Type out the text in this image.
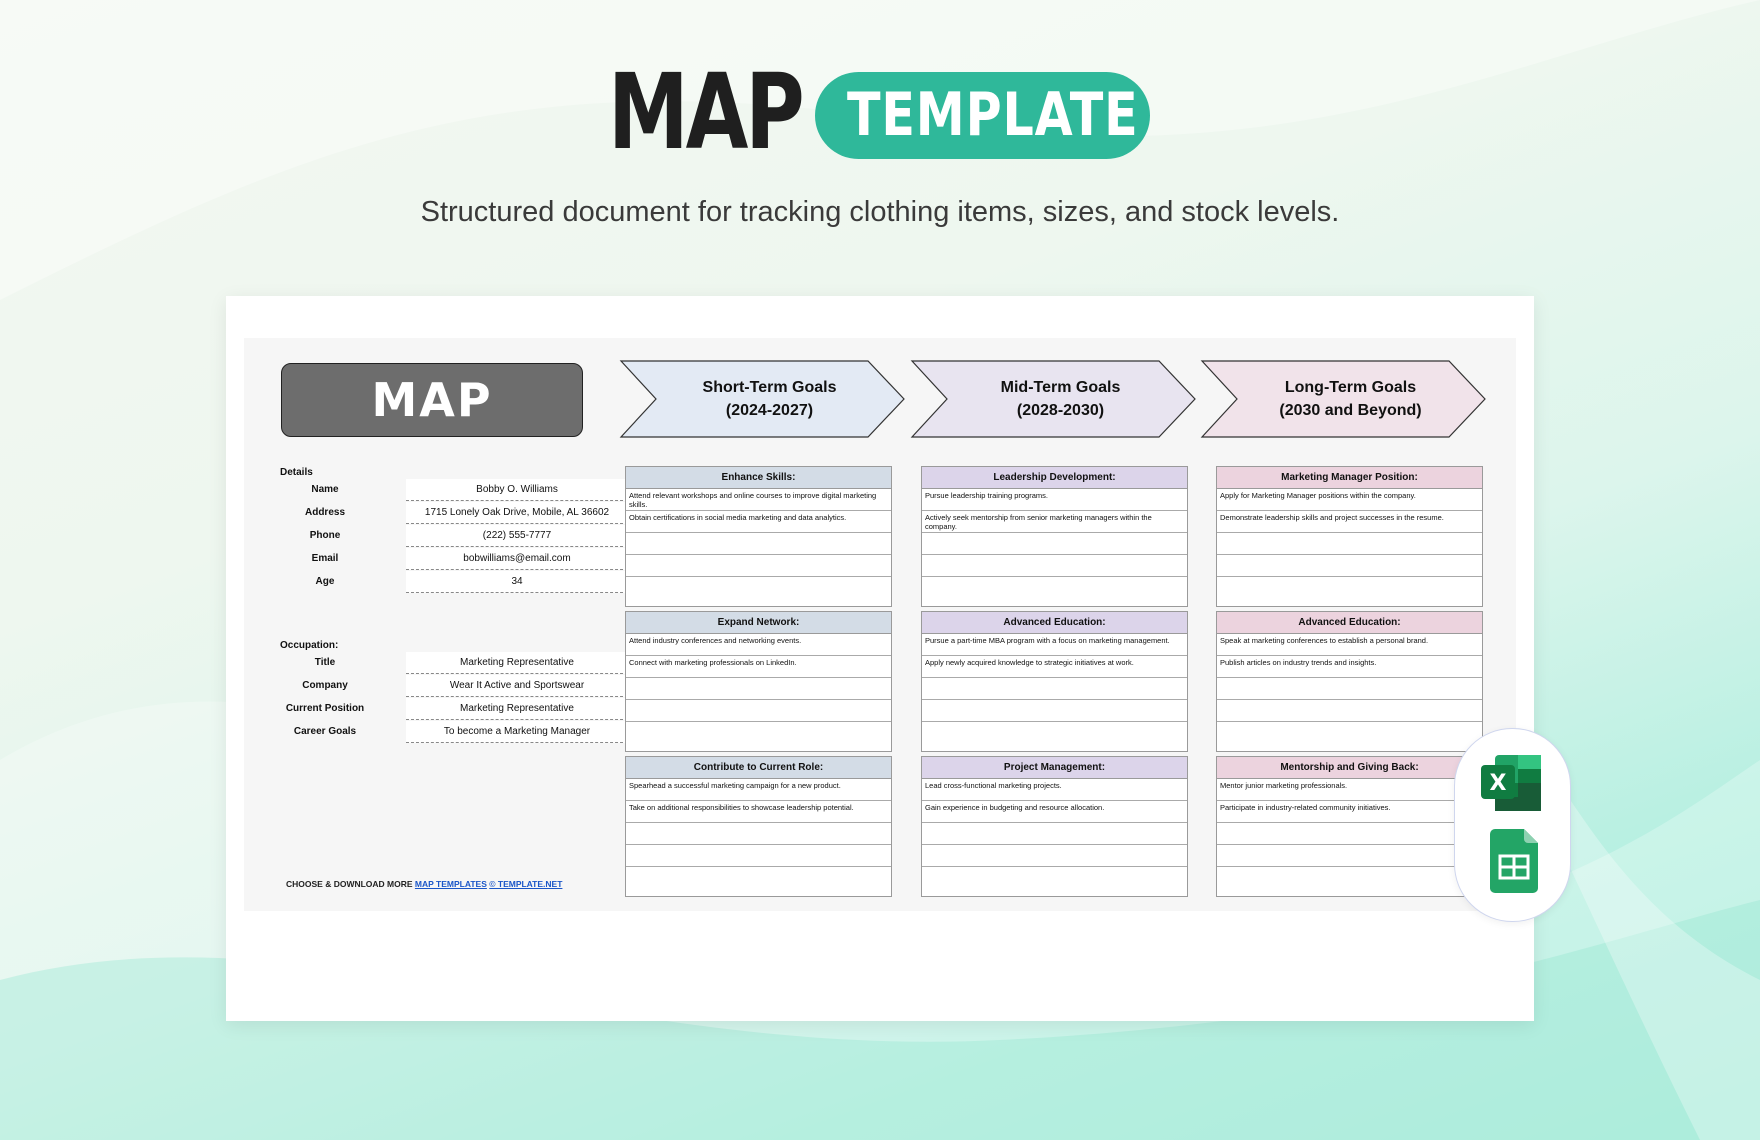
MAP TEMPLATE
Structured document for tracking clothing items, sizes, and stock levels.
MAP
Details
Name	Bobby O. Williams
Address	1715 Lonely Oak Drive, Mobile, AL 36602
Phone	(222) 555-7777
Email	bobwilliams@email.com
Age	34
Occupation:
Title	Marketing Representative
Company	Wear It Active and Sportswear
Current Position	Marketing Representative
Career Goals	To become a Marketing Manager
CHOOSE & DOWNLOAD MORE MAP TEMPLATES © TEMPLATE.NET
Short-Term Goals
(2024-2027)
Enhance Skills:
Attend relevant workshops and online courses to improve digital marketing skills.
Obtain certifications in social media marketing and data analytics.
Expand Network:
Attend industry conferences and networking events.
Connect with marketing professionals on LinkedIn.
Contribute to Current Role:
Spearhead a successful marketing campaign for a new product.
Take on additional responsibilities to showcase leadership potential.
Mid-Term Goals
(2028-2030)
Leadership Development:
Pursue leadership training programs.
Actively seek mentorship from senior marketing managers within the company.
Advanced Education:
Pursue a part-time MBA program with a focus on marketing management.
Apply newly acquired knowledge to strategic initiatives at work.
Project Management:
Lead cross-functional marketing projects.
Gain experience in budgeting and resource allocation.
Long-Term Goals
(2030 and Beyond)
Marketing Manager Position:
Apply for Marketing Manager positions within the company.
Demonstrate leadership skills and project successes in the resume.
Advanced Education:
Speak at marketing conferences to establish a personal brand.
Publish articles on industry trends and insights.
Mentorship and Giving Back:
Mentor junior marketing professionals.
Participate in industry-related community initiatives.
X
